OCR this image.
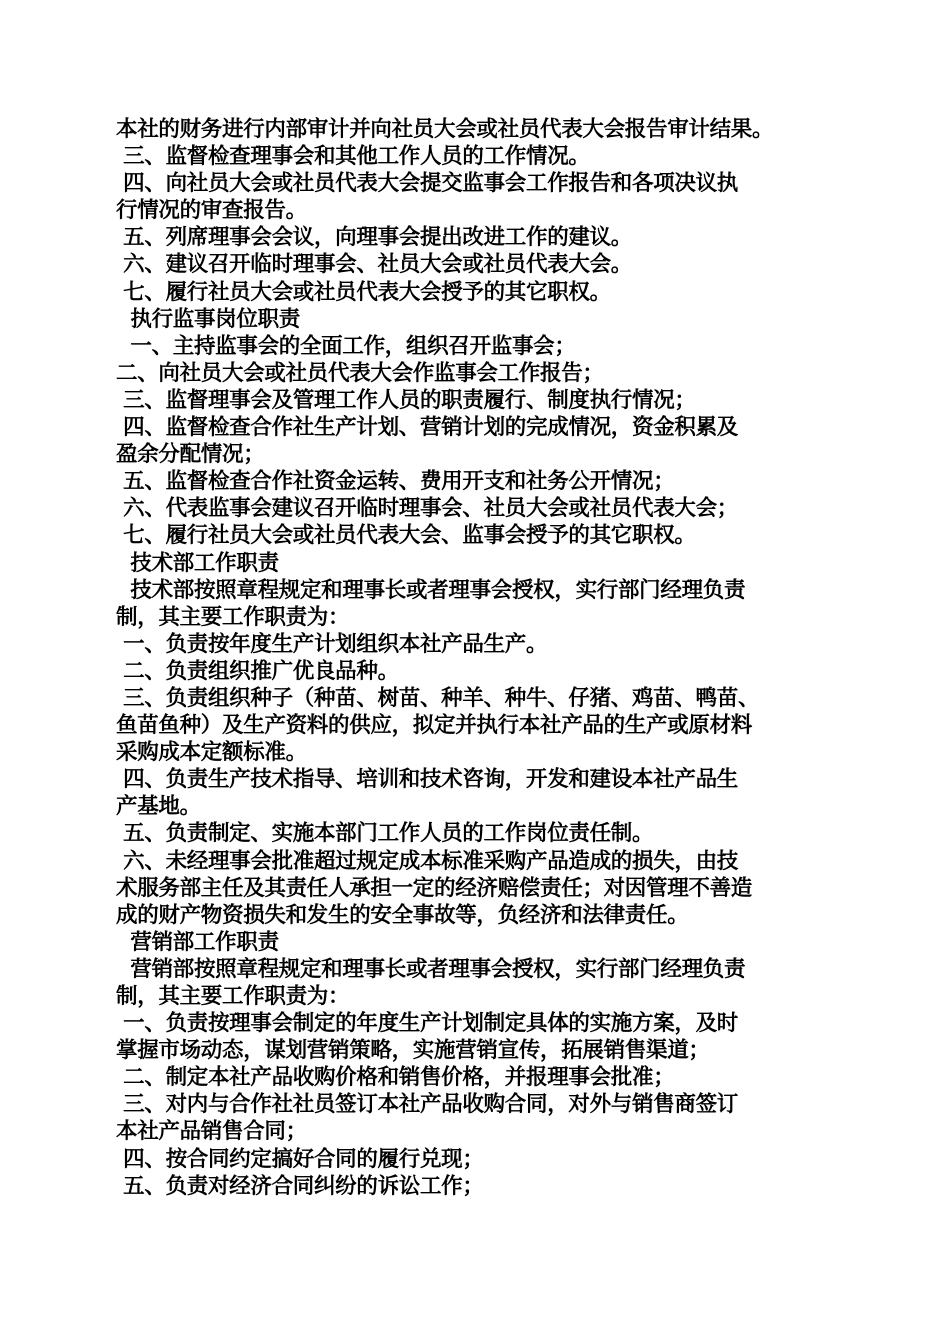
本社的财务进行内部审计并向社员大会或社员代表大会报告审计结果。
三、监督检查理事会和其他工作人员的工作情况。
四、向社员大会或社员代表大会提交监事会工作报告和各项决议执
行情况的审查报告。
五、列席理事会会议，向理事会提出改进工作的建议。
六、建议召开临时理事会、社员大会或社员代表大会。
七、履行社员大会或社员代表大会授予的其它职权。
执行监事岗位职责
一、主持监事会的全面工作，组织召开监事会；
二、向社员大会或社员代表大会作监事会工作报告；
三、监督理事会及管理工作人员的职责履行、制度执行情况；
四、监督检查合作社生产计划、营销计划的完成情况，资金积累及
盈余分配情况；
五、监督检查合作社资金运转、费用开支和社务公开情况；
六、代表监事会建议召开临时理事会、社员大会或社员代表大会；
七、履行社员大会或社员代表大会、监事会授予的其它职权。
技术部工作职责
技术部按照章程规定和理事长或者理事会授权，实行部门经理负责
制，其主要工作职责为：
一、负责按年度生产计划组织本社产品生产。
二、负责组织推广优良品种。
三、负责组织种子（种苗、树苗、种羊、种牛、仔猪、鸡苗、鸭苗、
鱼苗鱼种）及生产资料的供应，拟定并执行本社产品的生产或原材料
采购成本定额标准。
四、负责生产技术指导、培训和技术咨询，开发和建设本社产品生
产基地。
五、负责制定、实施本部门工作人员的工作岗位责任制。
六、未经理事会批准超过规定成本标准采购产品造成的损失，由技
术服务部主任及其责任人承担一定的经济赔偿责任；对因管理不善造
成的财产物资损失和发生的安全事故等，负经济和法律责任。
营销部工作职责
营销部按照章程规定和理事长或者理事会授权，实行部门经理负责
制，其主要工作职责为：
一、负责按理事会制定的年度生产计划制定具体的实施方案，及时
掌握市场动态，谋划营销策略，实施营销宣传，拓展销售渠道；
二、制定本社产品收购价格和销售价格，并报理事会批准；
三、对内与合作社社员签订本社产品收购合同，对外与销售商签订
本社产品销售合同；
四、按合同约定搞好合同的履行兑现；
五、负责对经济合同纠纷的诉讼工作；
